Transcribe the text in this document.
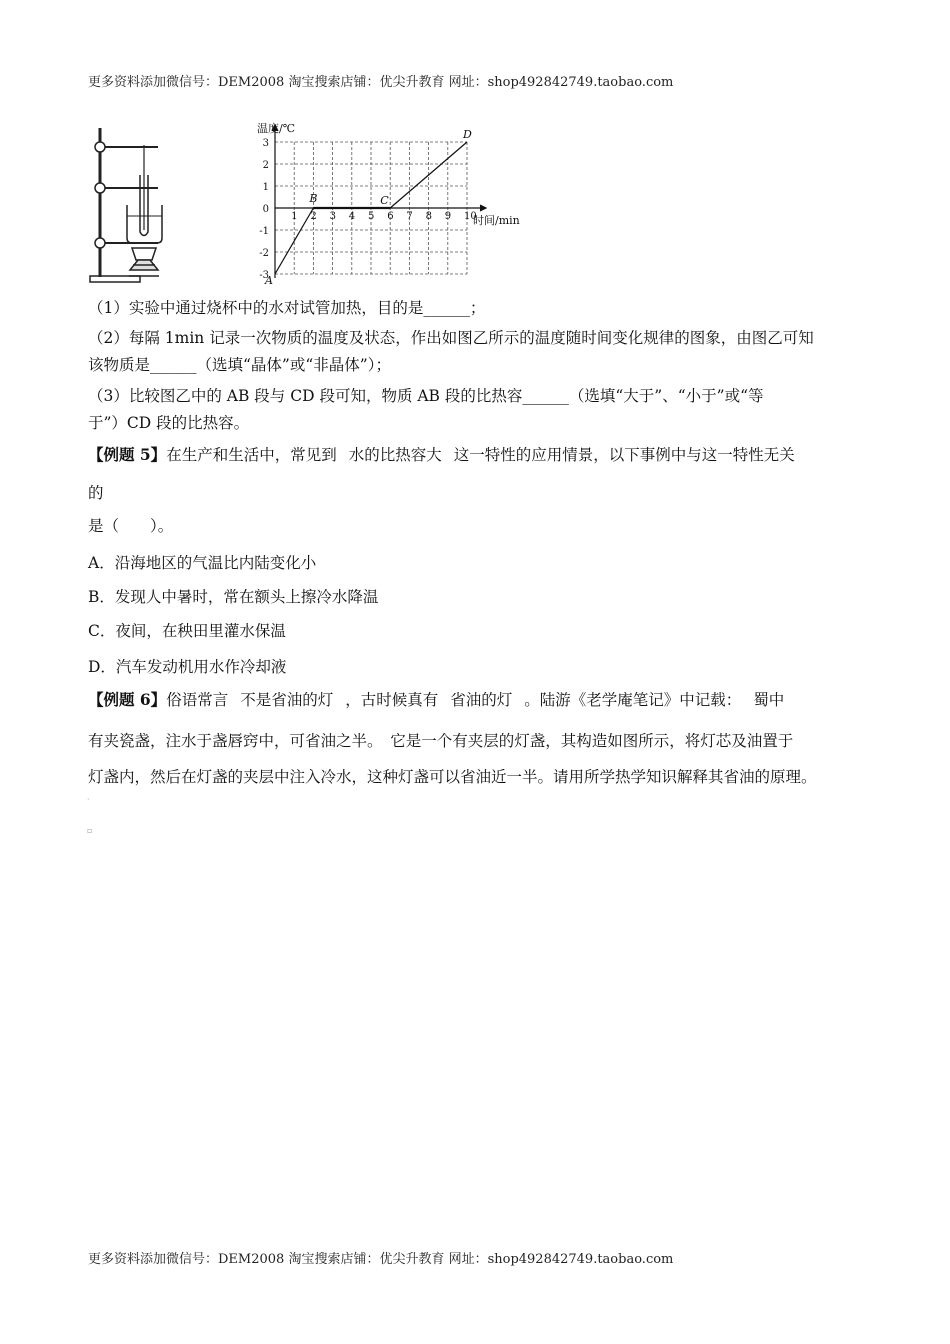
更多资料添加微信号：DEM2008 淘宝搜索店铺：优尖升教育 网址：shop492842749.taobao.com
1 2 3 4 5 6 7 8 9 10
3
2
1
0
-1
-2
-3
A
B	C
D
温度/℃
时间/min
（1）实验中通过烧杯中的水对试管加热，目的是______；
（2）每隔 1min 记录一次物质的温度及状态，作出如图乙所示的温度随时间变化规律的图象，由图乙可知
该物质是______（选填“晶体”或“非晶体”）；
（3）比较图乙中的 AB 段与 CD 段可知，物质 AB 段的比热容______（选填“大于”、“小于”或“等
于”）CD 段的比热容。
【例题 5】在生产和生活中，常见到 水的比热容大 这一特性的应用情景，以下事例中与这一特性无关
的
是（　　）。
A．沿海地区的气温比内陆变化小
B．发现人中暑时，常在额头上擦冷水降温
C．夜间，在秧田里灌水保温
D．汽车发动机用水作冷却液
【例题 6】俗语常言 不是省油的灯 ，古时候真有 省油的灯 。陆游《老学庵笔记》中记载： 蜀中
有夹瓷盏，注水于盏唇窍中，可省油之半。　它是一个有夹层的灯盏，其构造如图所示，将灯芯及油置于
灯盏内，然后在灯盏的夹层中注入冷水，这种灯盏可以省油近一半。请用所学热学知识解释其省油的原理。
·
▫
更多资料添加微信号：DEM2008 淘宝搜索店铺：优尖升教育 网址：shop492842749.taobao.com
